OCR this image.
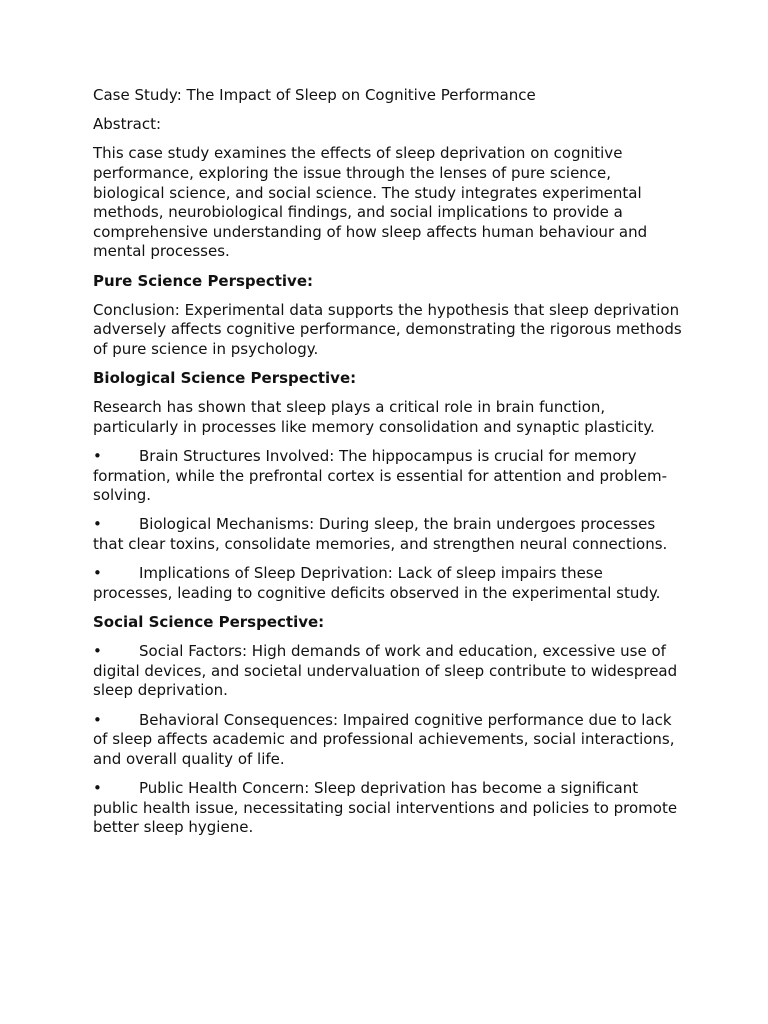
Case Study: The Impact of Sleep on Cognitive Performance

Abstract:

This case study examines the effects of sleep deprivation on cognitive performance, exploring the issue through the lenses of pure science, biological science, and social science. The study integrates experimental methods, neurobiological findings, and social implications to provide a comprehensive understanding of how sleep affects human behaviour and mental processes.

Pure Science Perspective:

Conclusion: Experimental data supports the hypothesis that sleep deprivation adversely affects cognitive performance, demonstrating the rigorous methods of pure science in psychology.

Biological Science Perspective:

Research has shown that sleep plays a critical role in brain function, particularly in processes like memory consolidation and synaptic plasticity.

• Brain Structures Involved: The hippocampus is crucial for memory formation, while the prefrontal cortex is essential for attention and problem-solving.

• Biological Mechanisms: During sleep, the brain undergoes processes that clear toxins, consolidate memories, and strengthen neural connections.

• Implications of Sleep Deprivation: Lack of sleep impairs these processes, leading to cognitive deficits observed in the experimental study.

Social Science Perspective:

• Social Factors: High demands of work and education, excessive use of digital devices, and societal undervaluation of sleep contribute to widespread sleep deprivation.

• Behavioral Consequences: Impaired cognitive performance due to lack of sleep affects academic and professional achievements, social interactions, and overall quality of life.

• Public Health Concern: Sleep deprivation has become a significant public health issue, necessitating social interventions and policies to promote better sleep hygiene.
